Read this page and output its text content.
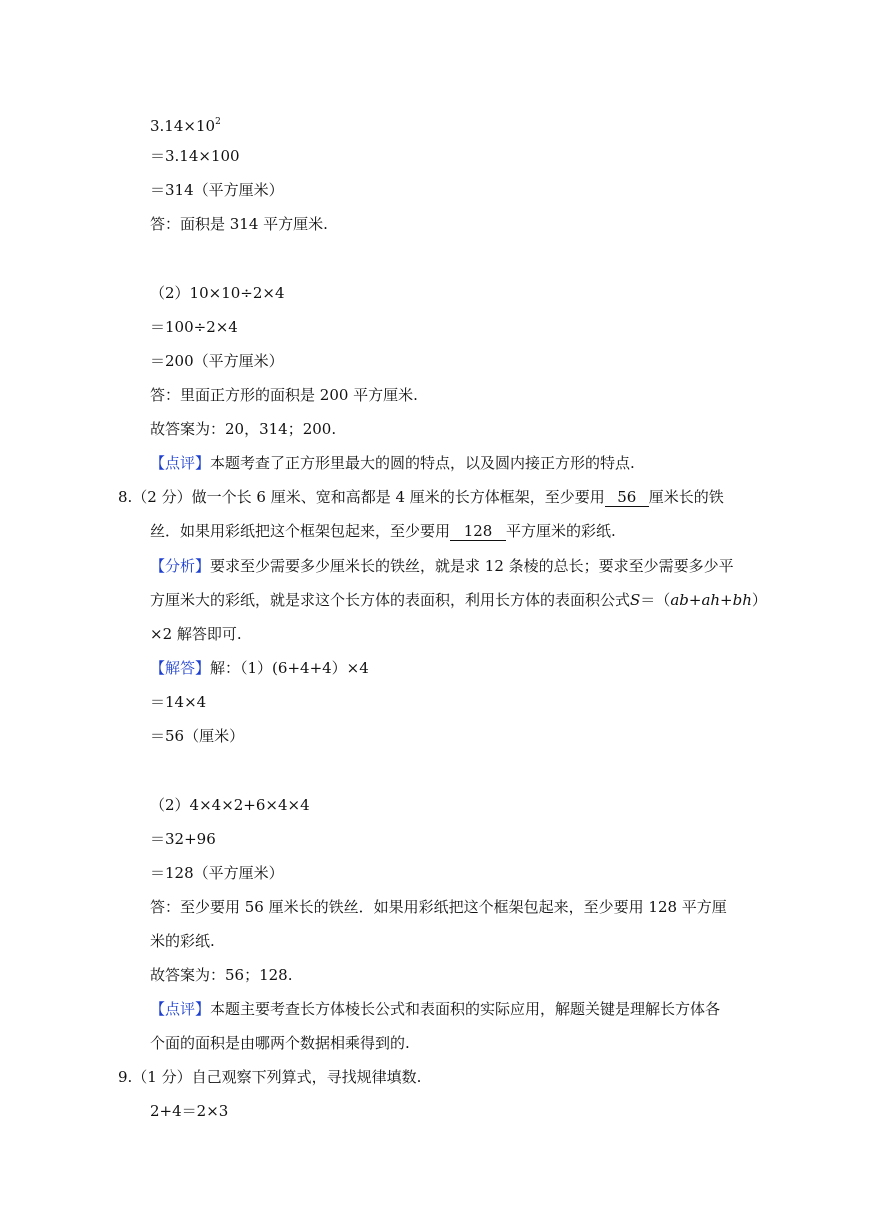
$3.14\times 10^2$
＝3.14×100
＝314（平方厘米）
答：面积是 314 平方厘米.
（2）10×10÷2×4
＝100÷2×4
＝200（平方厘米）
答：里面正方形的面积是 200 平方厘米.
故答案为：20，314；200.
【点评】本题考查了正方形里最大的圆的特点，以及圆内接正方形的特点.
8.（2 分）做一个长 6 厘米、宽和高都是 4 厘米的长方体框架，至少要用 56 厘米长的铁
丝．如果用彩纸把这个框架包起来，至少要用 128 平方厘米的彩纸.
【分析】要求至少需要多少厘米长的铁丝，就是求 12 条棱的总长；要求至少需要多少平
方厘米大的彩纸，就是求这个长方体的表面积，利用长方体的表面积公式S＝（ab+ah+bh）
×2 解答即可.
【解答】解：（1）(6+4+4）×4
＝14×4
＝56（厘米）
（2）4×4×2+6×4×4
＝32+96
＝128（平方厘米）
答：至少要用 56 厘米长的铁丝．如果用彩纸把这个框架包起来，至少要用 128 平方厘
米的彩纸.
故答案为：56；128.
【点评】本题主要考查长方体棱长公式和表面积的实际应用，解题关键是理解长方体各
个面的面积是由哪两个数据相乘得到的.
9.（1 分）自己观察下列算式，寻找规律填数.
2+4＝2×3
